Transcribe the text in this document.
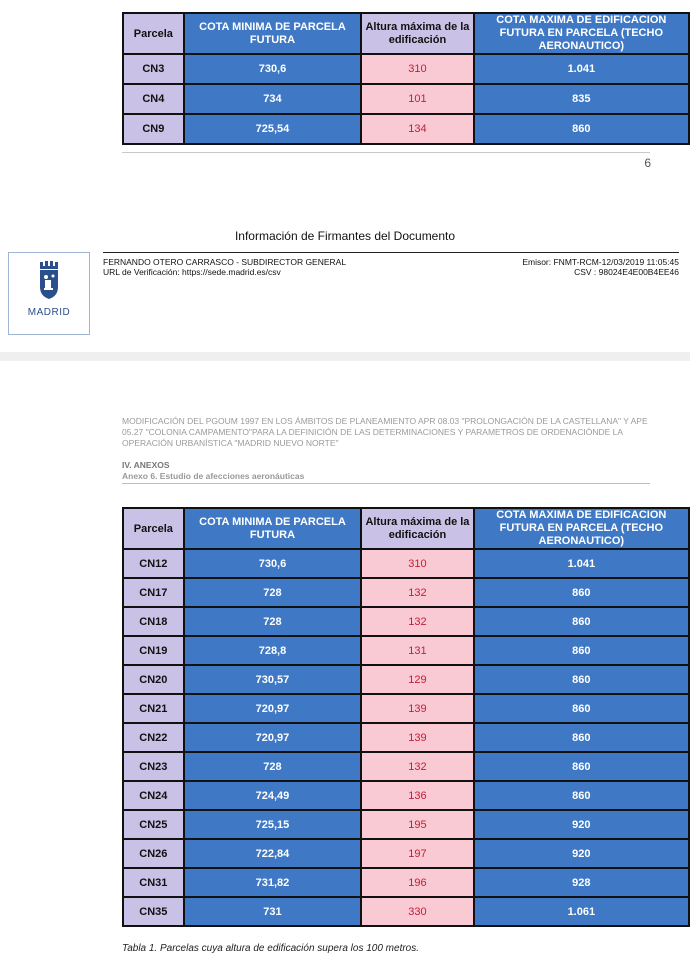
Parcela	COTA MINIMA DE PARCELA FUTURA	Altura máxima de la edificación	COTA MAXIMA DE EDIFICACION FUTURA EN PARCELA (TECHO AERONAUTICO)
CN3	730,6	310	1.041
CN4	734	101	835
CN9	725,54	134	860
6
Información de Firmantes del Documento
MADRID
FERNANDO OTERO CARRASCO - SUBDIRECTOR GENERAL
URL de Verificación: https://sede.madrid.es/csv
Emisor: FNMT-RCM-12/03/2019 11:05:45
CSV : 98024E4E00B4EE46
MODIFICACIÓN DEL PGOUM 1997 EN LOS ÁMBITOS DE PLANEAMIENTO APR 08.03 "PROLONGACIÓN DE LA CASTELLANA" Y APE 05.27 "COLONIA CAMPAMENTO"PARA LA DEFINICIÓN DE LAS DETERMINACIONES Y PARAMETROS DE ORDENACIÓNDE LA OPERACIÓN URBANÍSTICA "MADRID NUEVO NORTE"
IV. ANEXOS
Anexo 6. Estudio de afecciones aeronáuticas
Parcela	COTA MINIMA DE PARCELA FUTURA	Altura máxima de la edificación	COTA MAXIMA DE EDIFICACION FUTURA EN PARCELA (TECHO AERONAUTICO)
CN12	730,6	310	1.041
CN17	728	132	860
CN18	728	132	860
CN19	728,8	131	860
CN20	730,57	129	860
CN21	720,97	139	860
CN22	720,97	139	860
CN23	728	132	860
CN24	724,49	136	860
CN25	725,15	195	920
CN26	722,84	197	920
CN31	731,82	196	928
CN35	731	330	1.061
Tabla 1. Parcelas cuya altura de edificación supera los 100 metros.
